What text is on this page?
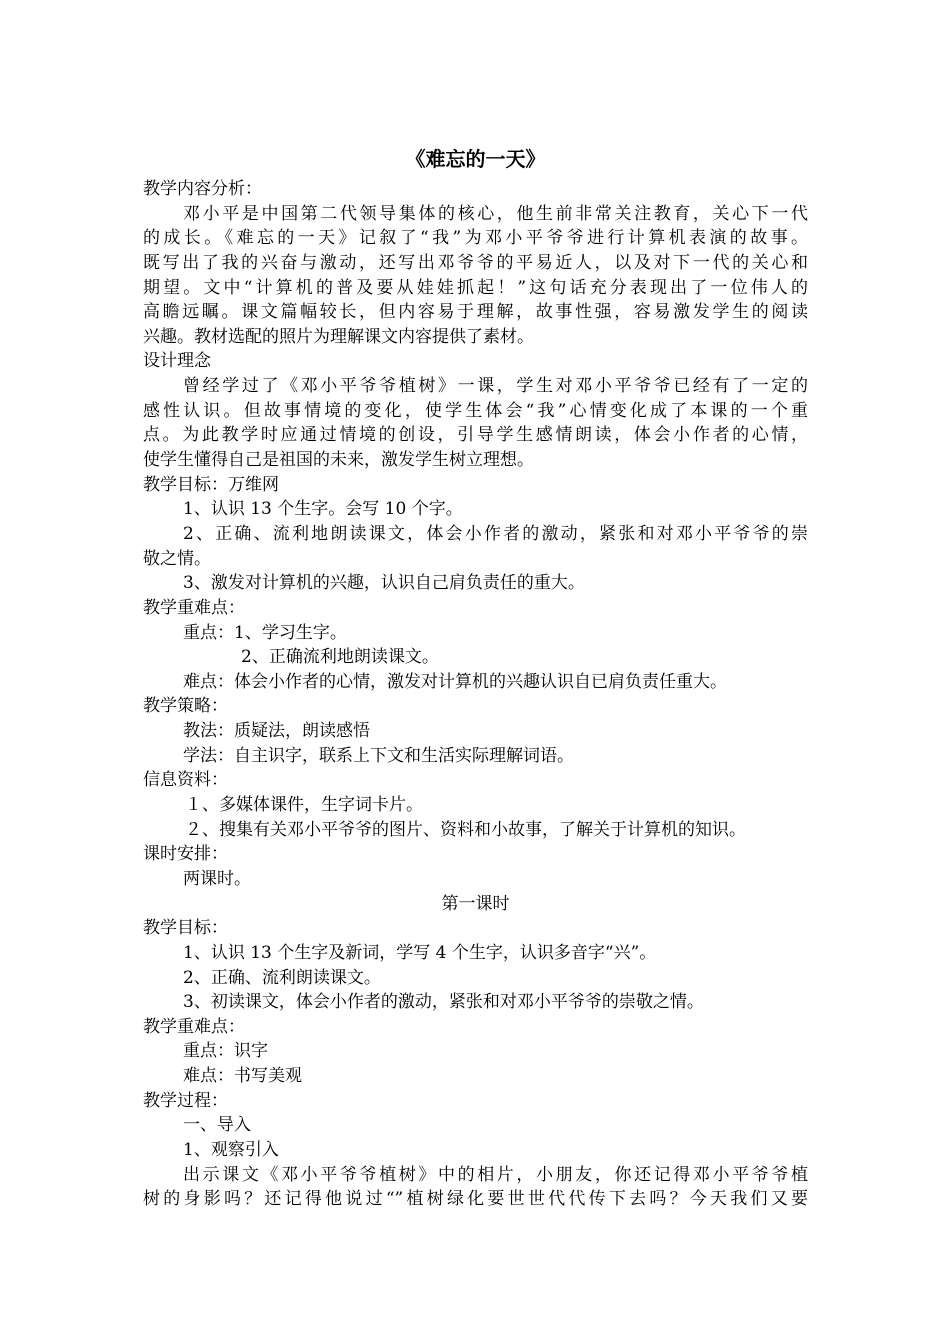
《难忘的一天》
教学内容分析：
邓小平是中国第二代领导集体的核心，他生前非常关注教育，关心下一代
的成长。《难忘的一天》记叙了“我”为邓小平爷爷进行计算机表演的故事。
既写出了我的兴奋与激动，还写出邓爷爷的平易近人，以及对下一代的关心和
期望。文中“计算机的普及要从娃娃抓起！”这句话充分表现出了一位伟人的
高瞻远瞩。课文篇幅较长，但内容易于理解，故事性强，容易激发学生的阅读
兴趣。教材选配的照片为理解课文内容提供了素材。
设计理念
曾经学过了《邓小平爷爷植树》一课，学生对邓小平爷爷已经有了一定的
感性认识。但故事情境的变化，使学生体会“我”心情变化成了本课的一个重
点。为此教学时应通过情境的创设，引导学生感情朗读，体会小作者的心情，
使学生懂得自己是祖国的未来，激发学生树立理想。
教学目标：万维网
1、认识 13 个生字。会写 10 个字。
2、正确、流利地朗读课文，体会小作者的激动，紧张和对邓小平爷爷的崇
敬之情。
3、激发对计算机的兴趣，认识自己肩负责任的重大。
教学重难点：
重点：1、学习生字。
2、正确流利地朗读课文。
难点：体会小作者的心情，激发对计算机的兴趣认识自已肩负责任重大。
教学策略：
教法：质疑法，朗读感悟
学法：自主识字，联系上下文和生活实际理解词语。
信息资料：
１、多媒体课件，生字词卡片。
２、搜集有关邓小平爷爷的图片、资料和小故事，了解关于计算机的知识。
课时安排：
两课时。
第一课时
教学目标：
1、认识 13 个生字及新词，学写 4 个生字，认识多音字“兴”。
2、正确、流利朗读课文。
3、初读课文，体会小作者的激动，紧张和对邓小平爷爷的崇敬之情。
教学重难点：
重点：识字
难点：书写美观
教学过程：
一、导入
1、观察引入
出示课文《邓小平爷爷植树》中的相片，小朋友，你还记得邓小平爷爷植
树的身影吗？还记得他说过“”植树绿化要世世代代传下去吗？今天我们又要
